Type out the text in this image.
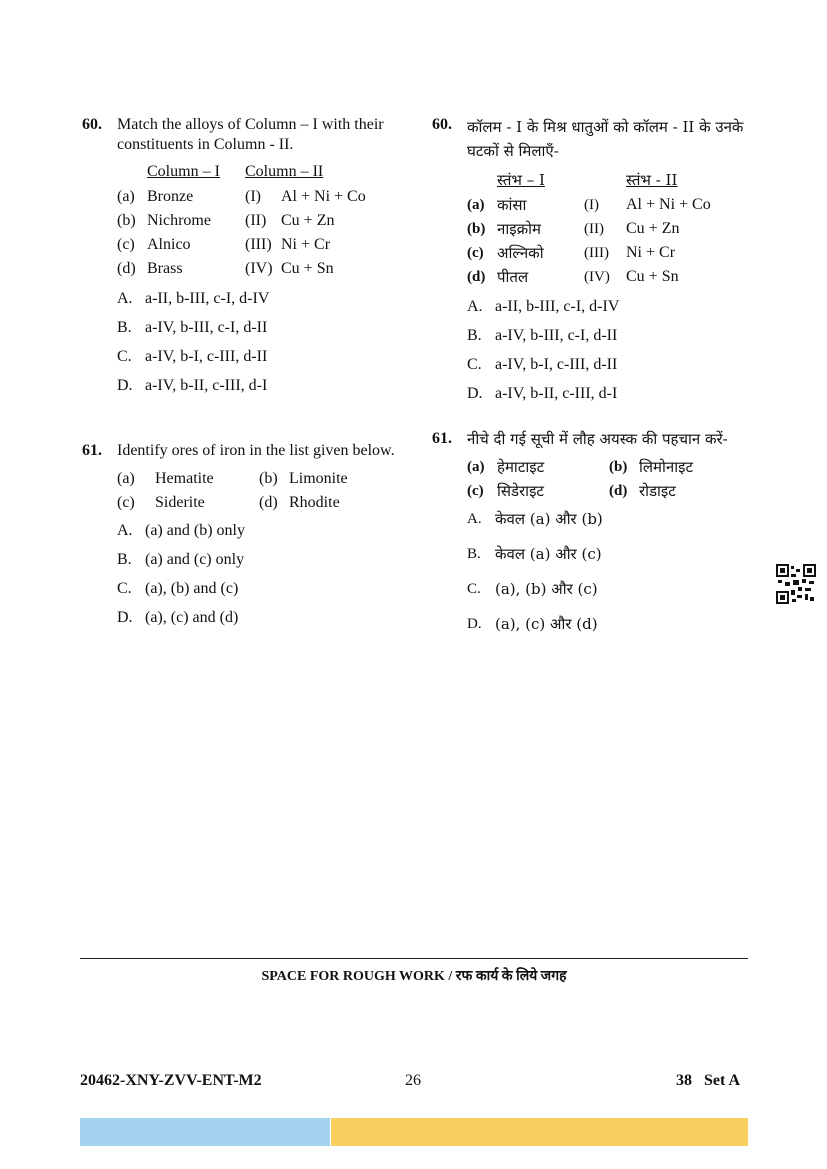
60. Match the alloys of Column – I with their constituents in Column - II.

	Column – I	Column – II	
(a)	Bronze	(I)	Al + Ni + Co
(b)	Nichrome	(II)	Cu + Zn
(c)	Alnico	(III)	Ni + Cr
(d)	Brass	(IV)	Cu + Sn
A. a-II, b-III, c-I, d-IV
B. a-IV, b-III, c-I, d-II
C. a-IV, b-I, c-III, d-II
D. a-IV, b-II, c-III, d-I
61. Identify ores of iron in the list given below.

(a)	Hematite	(b)	Limonite
(c)	Siderite	(d)	Rhodite
A. (a) and (b) only
B. (a) and (c) only
C. (a), (b) and (c)
D. (a), (c) and (d)
60. कॉलम - I के मिश्र धातुओं को कॉलम - II के उनके घटकों से मिलाएँ-

	स्तंभ – I		स्तंभ - II
(a)	कांसा	(I)	Al + Ni + Co
(b)	नाइक्रोम	(II)	Cu + Zn
(c)	अल्निको	(III)	Ni + Cr
(d)	पीतल	(IV)	Cu + Sn
A. a-II, b-III, c-I, d-IV
B. a-IV, b-III, c-I, d-II
C. a-IV, b-I, c-III, d-II
D. a-IV, b-II, c-III, d-I
61. नीचे दी गई सूची में लौह अयस्क की पहचान करें-

(a)	हेमाटाइट	(b)	लिमोनाइट
(c)	सिडेराइट	(d)	रोडाइट
A. केवल (a) और (b)
B. केवल (a) और (c)
C. (a), (b) और (c)
D. (a), (c) और (d)
SPACE FOR ROUGH WORK / रफ कार्य के लिये जगह
20462-XNY-ZVV-ENT-M2	26	38   Set A
